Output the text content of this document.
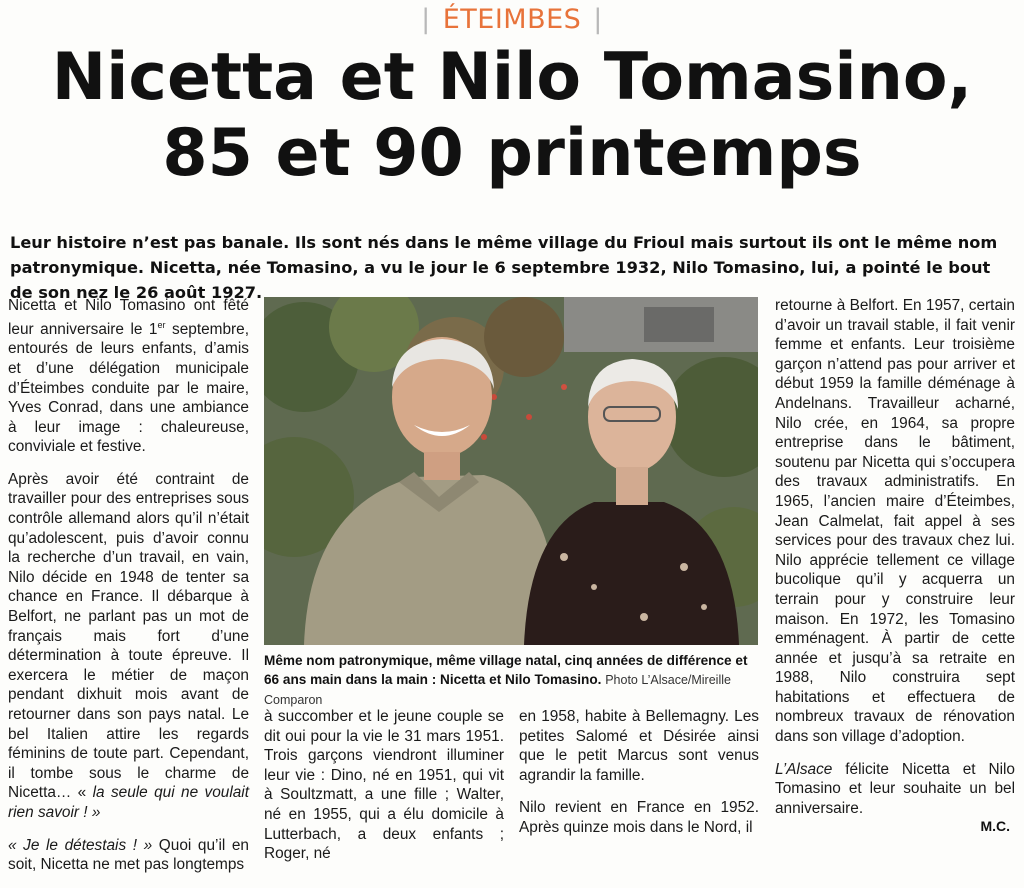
| ÉTEIMBES |
Nicetta et Nilo Tomasino,
85 et 90 printemps
Leur histoire n’est pas banale. Ils sont nés dans le même village du Frioul mais surtout ils ont le même nom patronymique. Nicetta, née Tomasino, a vu le jour le 6 septembre 1932, Nilo Tomasino, lui, a pointé le bout de son nez le 26 août 1927.

Nicetta et Nilo Tomasino ont fêté leur anniversaire le 1er septembre, entourés de leurs enfants, d’amis et d’une délégation municipale d’Éteimbes conduite par le maire, Yves Conrad, dans une ambiance à leur image : chaleureuse, conviviale et festive.

Après avoir été contraint de travailler pour des entreprises sous contrôle allemand alors qu’il n’était qu’adolescent, puis d’avoir connu la recherche d’un travail, en vain, Nilo décide en 1948 de tenter sa chance en France. Il débarque à Belfort, ne parlant pas un mot de français mais fort d’une détermination à toute épreuve. Il exercera le métier de maçon pendant dixhuit mois avant de retourner dans son pays natal. Le bel Italien attire les regards féminins de toute part. Cependant, il tombe sous le charme de Nicetta… « la seule qui ne voulait rien savoir ! »

« Je le détestais ! » Quoi qu’il en soit, Nicetta ne met pas longtemps

Même nom patronymique, même village natal, cinq années de différence et 66 ans main dans la main : Nicetta et Nilo Tomasino. Photo L’Alsace/Mireille Comparon

à succomber et le jeune couple se dit oui pour la vie le 31 mars 1951. Trois garçons viendront illuminer leur vie : Dino, né en 1951, qui vit à Soultzmatt, a une fille ; Walter, né en 1955, qui a élu domicile à Lutterbach, a deux enfants ; Roger, né

en 1958, habite à Bellemagny. Les petites Salomé et Désirée ainsi que le petit Marcus sont venus agrandir la famille.

Nilo revient en France en 1952. Après quinze mois dans le Nord, il

retourne à Belfort. En 1957, certain d’avoir un travail stable, il fait venir femme et enfants. Leur troisième garçon n’attend pas pour arriver et début 1959 la famille déménage à Andelnans. Travailleur acharné, Nilo crée, en 1964, sa propre entreprise dans le bâtiment, soutenu par Nicetta qui s’occupera des travaux administratifs. En 1965, l’ancien maire d’Éteimbes, Jean Calmelat, fait appel à ses services pour des travaux chez lui. Nilo apprécie tellement ce village bucolique qu’il y acquerra un terrain pour y construire leur maison. En 1972, les Tomasino emménagent. À partir de cette année et jusqu’à sa retraite en 1988, Nilo construira sept habitations et effectuera de nombreux travaux de rénovation dans son village d’adoption.

L’Alsace félicite Nicetta et Nilo Tomasino et leur souhaite un bel anniversaire.

M.C.
